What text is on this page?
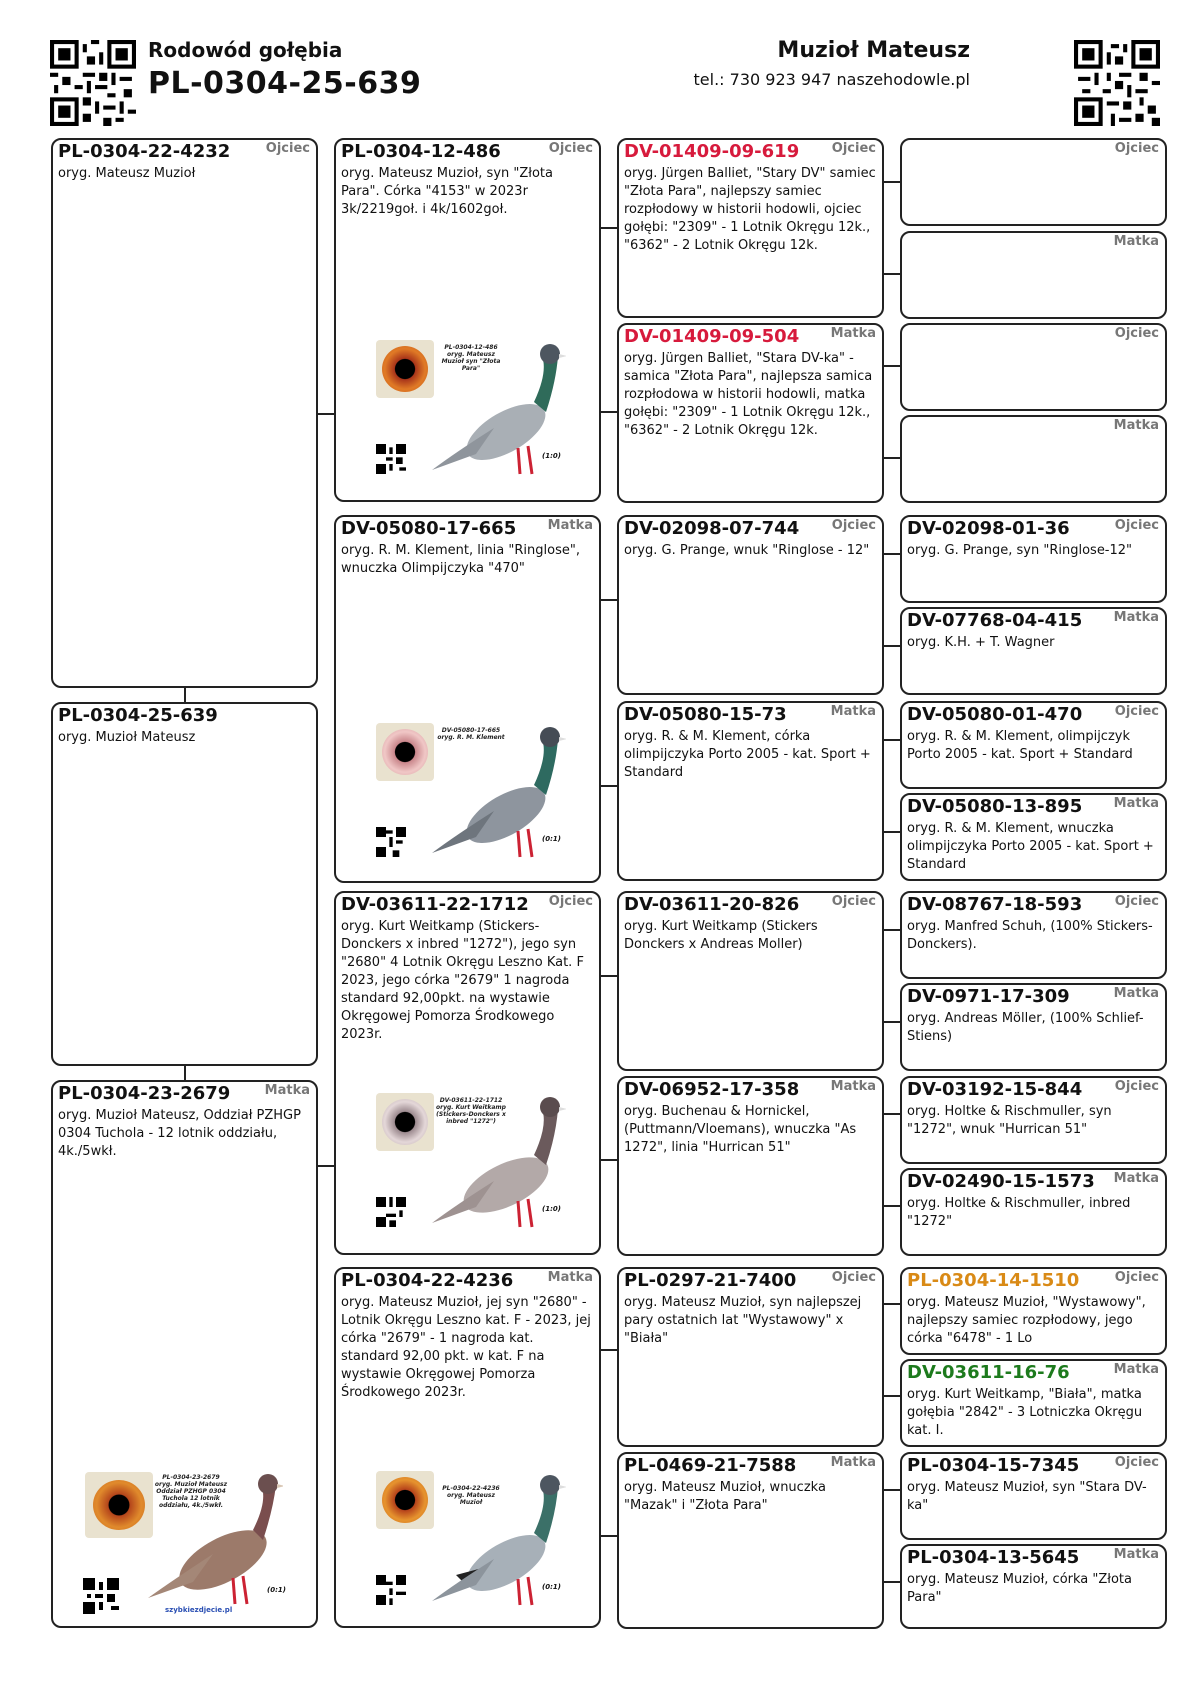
Rodowód gołębia
PL-0304-25-639
Muzioł Mateusz
tel.: 730 923 947 naszehodowle.pl
PL-0304-22-4232	Ojciec
oryg. Mateusz Muzioł
PL-0304-25-639
oryg. Muzioł Mateusz
PL-0304-23-2679	Matka
oryg. Muzioł Mateusz, Oddział PZHGP 0304 Tuchola - 12 lotnik oddziału, 4k./5wkł.
PL-0304-23-2679
oryg. Muzioł Mateusz Oddział PZHGP 0304 Tuchola 12 lotnik oddziału, 4k./5wkł.
(0:1)
szybkiezdjecie.pl
PL-0304-12-486	Ojciec
oryg. Mateusz Muzioł, syn "Złota Para". Córka "4153" w 2023r 3k/2219goł. i 4k/1602goł.
PL-0304-12-486
oryg. Mateusz Muzioł syn "Złota Para"
(1:0)
DV-05080-17-665 Matka
oryg. R. M. Klement, linia "Ringlose", wnuczka Olimpijczyka "470"
DV-05080-17-665
oryg. R. M. Klement
(0:1)
DV-03611-22-1712 Ojciec
oryg. Kurt Weitkamp (Stickers-Donckers x inbred "1272"), jego syn "2680" 4 Lotnik Okręgu Leszno Kat. F 2023, jego córka "2679" 1 nagroda standard 92,00pkt. na wystawie Okręgowej Pomorza Środkowego 2023r.
DV-03611-22-1712
oryg. Kurt Weitkamp (Stickers-Donckers x inbred "1272")
(1:0)
PL-0304-22-4236	Matka
oryg. Mateusz Muzioł, jej syn "2680" - Lotnik Okręgu Leszno kat. F - 2023, jej córka "2679" - 1 nagroda kat. standard 92,00 pkt. w kat. F na wystawie Okręgowej Pomorza Środkowego 2023r.
PL-0304-22-4236
oryg. Mateusz Muzioł
(0:1)
DV-01409-09-619	Ojciec
oryg. Jürgen Balliet, "Stary DV" samiec "Złota Para", najlepszy samiec rozpłodowy w historii hodowli, ojciec gołębi: "2309" - 1 Lotnik Okręgu 12k., "6362" - 2 Lotnik Okręgu 12k.
DV-01409-09-504 Matka
oryg. Jürgen Balliet, "Stara DV-ka" - samica "Złota Para", najlepsza samica rozpłodowa w historii hodowli, matka gołębi: "2309" - 1 Lotnik Okręgu 12k., "6362" - 2 Lotnik Okręgu 12k.
DV-02098-07-744	Ojciec
oryg. G. Prange, wnuk "Ringlose - 12"
DV-05080-15-73	Matka
oryg. R. & M. Klement, córka olimpijczyka Porto 2005 - kat. Sport + Standard
DV-03611-20-826	Ojciec
oryg. Kurt Weitkamp (Stickers Donckers x Andreas Moller)
DV-06952-17-358 Matka
oryg. Buchenau & Hornickel, (Puttmann/Vloemans), wnuczka "As 1272", linia "Hurrican 51"
PL-0297-21-7400	Ojciec
oryg. Mateusz Muzioł, syn najlepszej pary ostatnich lat "Wystawowy" x "Biała"
PL-0469-21-7588	Matka
oryg. Mateusz Muzioł, wnuczka "Mazak" i "Złota Para"
Ojciec
Matka
Ojciec
Matka
DV-02098-01-36	Ojciec
oryg. G. Prange, syn "Ringlose-12"
DV-07768-04-415 Matka
oryg. K.H. + T. Wagner
DV-05080-01-470	Ojciec
oryg. R. & M. Klement, olimpijczyk Porto 2005 - kat. Sport + Standard
DV-05080-13-895 Matka
oryg. R. & M. Klement, wnuczka olimpijczyka Porto 2005 - kat. Sport + Standard
DV-08767-18-593	Ojciec
oryg. Manfred Schuh, (100% Stickers-Donckers).
DV-0971-17-309	Matka
oryg. Andreas Möller, (100% Schlief-Stiens)
DV-03192-15-844	Ojciec
oryg. Holtke & Rischmuller, syn "1272", wnuk "Hurrican 51"
DV-02490-15-1573 Matka
oryg. Holtke & Rischmuller, inbred "1272"
PL-0304-14-1510	Ojciec
oryg. Mateusz Muzioł, "Wystawowy", najlepszy samiec rozpłodowy, jego córka "6478" - 1 Lo
DV-03611-16-76	Matka
oryg. Kurt Weitkamp, "Biała", matka gołębia "2842" - 3 Lotniczka Okręgu kat. I.
PL-0304-15-7345	Ojciec
oryg. Mateusz Muzioł, syn "Stara DV-ka"
PL-0304-13-5645	Matka
oryg. Mateusz Muzioł, córka "Złota Para"
